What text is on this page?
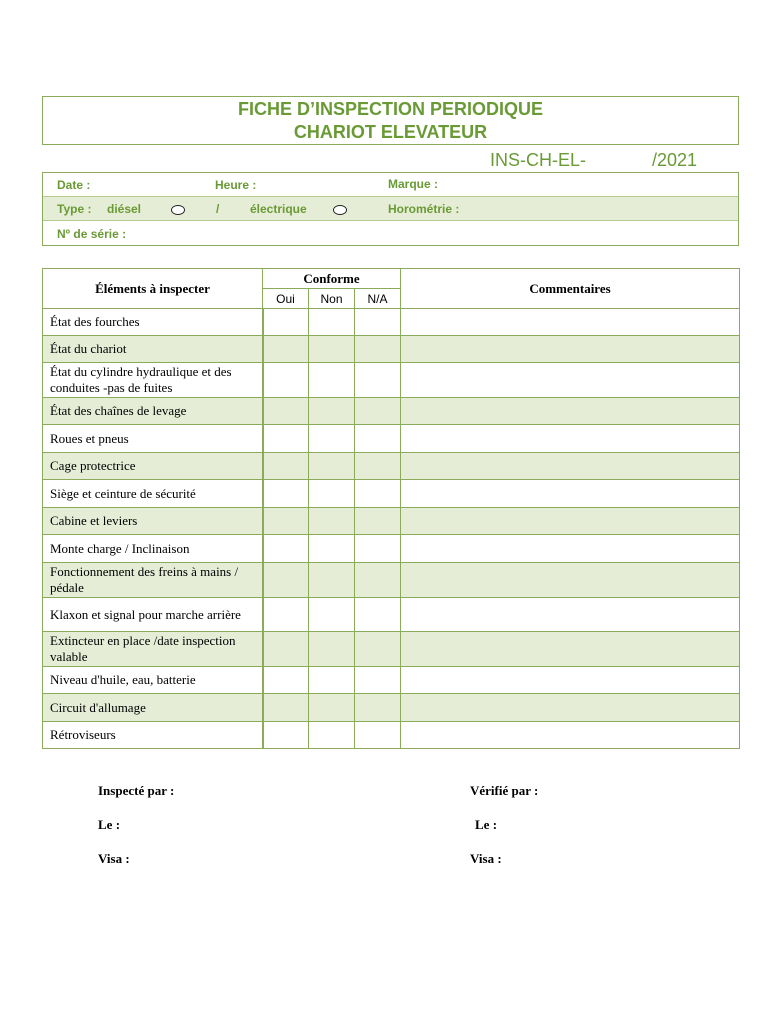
FICHE D’INSPECTION PERIODIQUE
CHARIOT ELEVATEUR
INS-CH-EL-	/2021
Date :	Heure :	Marque :
Type : diésel	/	électrique	Horométrie :
Nº de série :
Éléments à inspecter	Conforme			Commentaires
	Oui	Non	N/A	
État des fourches				
État du chariot				
État du cylindre hydraulique et des conduites -pas de fuites				
État des chaînes de levage				
Roues et pneus				
Cage protectrice				
Siège et ceinture de sécurité				
Cabine et leviers				
Monte charge / Inclinaison				
Fonctionnement des freins à mains / pédale				
Klaxon et signal pour marche arrière				
Extincteur en place /date inspection valable				
Niveau d'huile, eau, batterie				
Circuit d'allumage				
Rétroviseurs				
Inspecté par :	Vérifié par :
Le :	Le :
Visa :	Visa :
